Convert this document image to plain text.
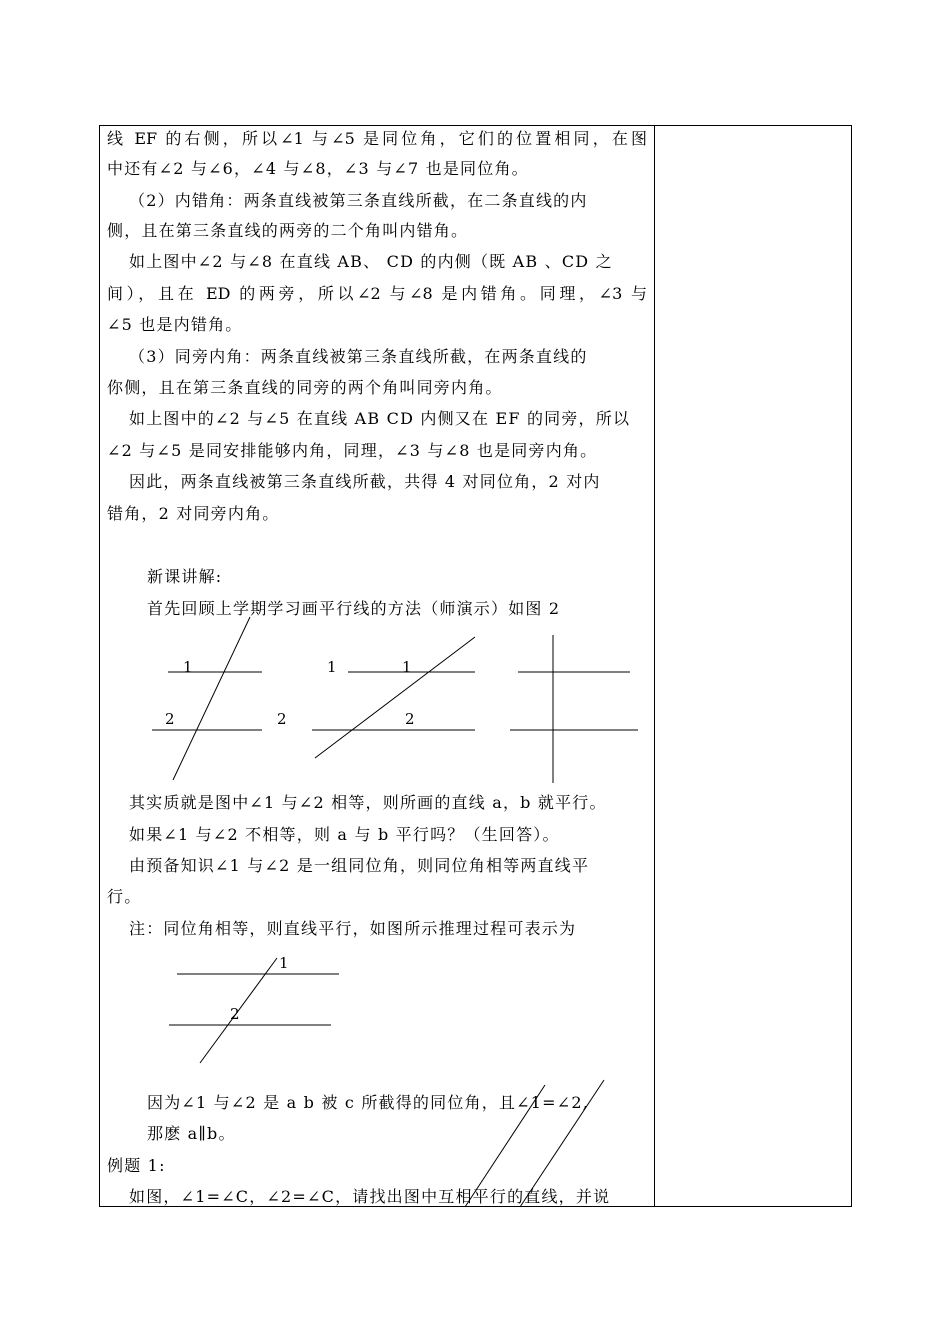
线 EF 的右侧，所以∠1 与∠5 是同位角，它们的位置相同，在图
中还有∠2 与∠6，∠4 与∠8，∠3 与∠7 也是同位角。
（2）内错角：两条直线被第三条直线所截，在二条直线的内
侧，且在第三条直线的两旁的二个角叫内错角。
如上图中∠2 与∠8 在直线 AB、 CD 的内侧（既 AB 、CD 之
间），且在 ED 的两旁，所以∠2 与∠8 是内错角。同理，∠3 与
∠5 也是内错角。
（3）同旁内角：两条直线被第三条直线所截，在两条直线的
你侧，且在第三条直线的同旁的两个角叫同旁内角。
如上图中的∠2 与∠5 在直线 AB CD 内侧又在 EF 的同旁，所以
∠2 与∠5 是同安排能够内角，同理，∠3 与∠8 也是同旁内角。
因此，两条直线被第三条直线所截，共得 4 对同位角，2 对内
错角，2 对同旁内角。
新课讲解:
首先回顾上学期学习画平行线的方法（师演示）如图 2
其实质就是图中∠1 与∠2 相等，则所画的直线 a，b 就平行。
如果∠1 与∠2 不相等，则 a 与 b 平行吗？（生回答）。
由预备知识∠1 与∠2 是一组同位角，则同位角相等两直线平
行。
注：同位角相等，则直线平行，如图所示推理过程可表示为
因为∠1 与∠2 是 a b 被 c 所截得的同位角，且∠1=∠2,
那麽 a∥b。
例题 1:
如图，∠1=∠C，∠2=∠C，请找出图中互相平行的直线，并说
1
2
1
2
1
2
1
2
